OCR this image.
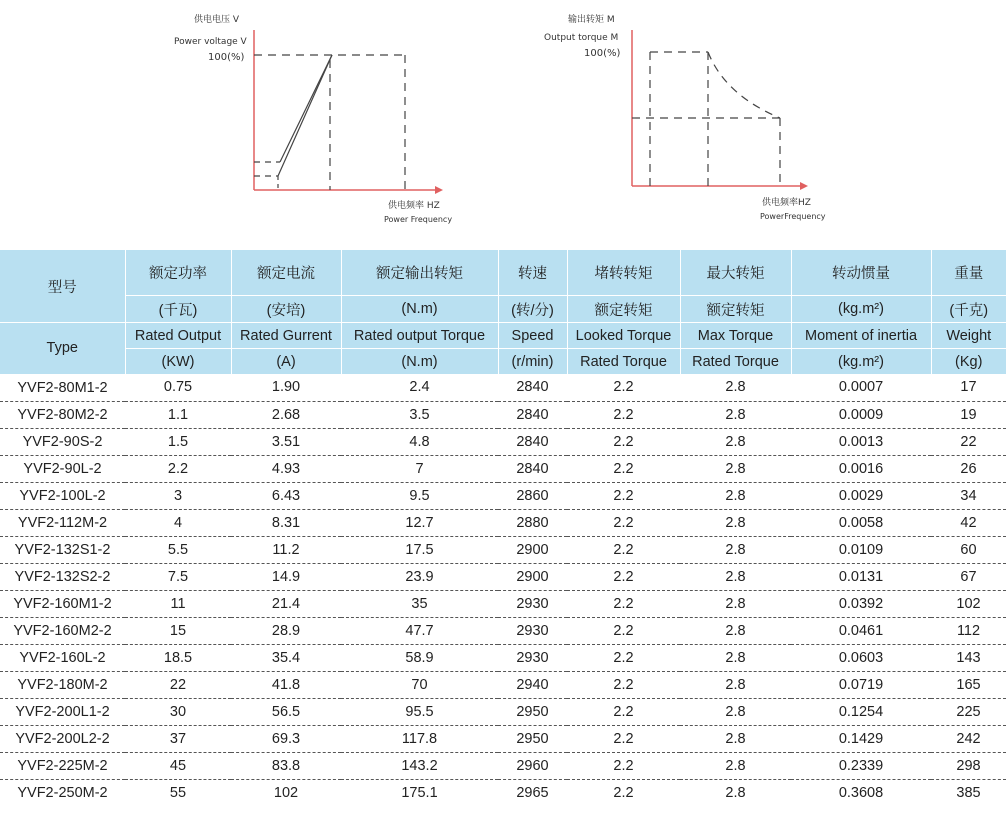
供电电压 V
Power voltage V
100(%)
供电频率 HZ
Power Frequency
输出转矩 M
Output torque M
100(%)
供电频率HZ
PowerFrequency
型号	额定功率	额定电流	额定输出转矩	转速	堵转转矩	最大转矩	转动惯量	重量
	(千瓦)	(安培)	(N.m)	(转/分)	额定转矩	额定转矩	(kg.m²)	(千克)
Type	Rated Output	Rated Gurrent	Rated output Torque	Speed	Looked Torque	Max Torque	Moment of inertia	Weight
	(KW)	(A)	(N.m)	(r/min)	Rated Torque	Rated Torque	(kg.m²)	(Kg)
YVF2-80M1-2	0.75	1.90	2.4	2840	2.2	2.8	0.0007	17
YVF2-80M2-2	1.1	2.68	3.5	2840	2.2	2.8	0.0009	19
YVF2-90S-2	1.5	3.51	4.8	2840	2.2	2.8	0.0013	22
YVF2-90L-2	2.2	4.93	7	2840	2.2	2.8	0.0016	26
YVF2-100L-2	3	6.43	9.5	2860	2.2	2.8	0.0029	34
YVF2-112M-2	4	8.31	12.7	2880	2.2	2.8	0.0058	42
YVF2-132S1-2	5.5	11.2	17.5	2900	2.2	2.8	0.0109	60
YVF2-132S2-2	7.5	14.9	23.9	2900	2.2	2.8	0.0131	67
YVF2-160M1-2	11	21.4	35	2930	2.2	2.8	0.0392	102
YVF2-160M2-2	15	28.9	47.7	2930	2.2	2.8	0.0461	112
YVF2-160L-2	18.5	35.4	58.9	2930	2.2	2.8	0.0603	143
YVF2-180M-2	22	41.8	70	2940	2.2	2.8	0.0719	165
YVF2-200L1-2	30	56.5	95.5	2950	2.2	2.8	0.1254	225
YVF2-200L2-2	37	69.3	117.8	2950	2.2	2.8	0.1429	242
YVF2-225M-2	45	83.8	143.2	2960	2.2	2.8	0.2339	298
YVF2-250M-2	55	102	175.1	2965	2.2	2.8	0.3608	385
